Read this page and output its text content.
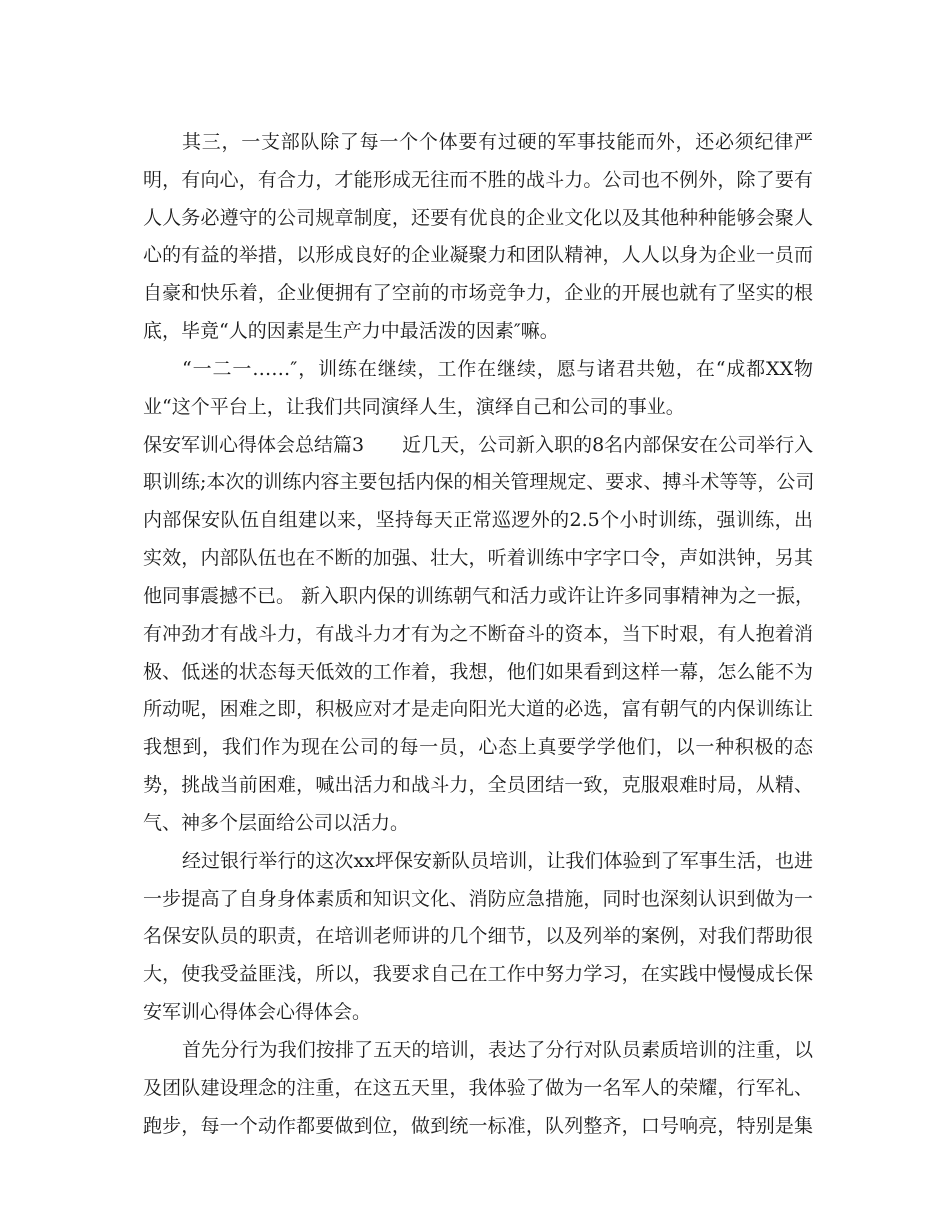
其三，一支部队除了每一个个体要有过硬的军事技能而外，还必须纪律严
明，有向心，有合力，才能形成无往而不胜的战斗力。公司也不例外，除了要有
人人务必遵守的公司规章制度，还要有优良的企业文化以及其他种种能够会聚人
心的有益的举措，以形成良好的企业凝聚力和团队精神，人人以身为企业一员而
自豪和快乐着，企业便拥有了空前的市场竞争力，企业的开展也就有了坚实的根
底，毕竟“人的因素是生产力中最活泼的因素″嘛。
“一二一……″，训练在继续，工作在继续，愿与诸君共勉，在“成都XX物
业“这个平台上，让我们共同演绎人生，演绎自己和公司的事业。
保安军训心得体会总结篇3　　近几天，公司新入职的8名内部保安在公司举行入
职训练;本次的训练内容主要包括内保的相关管理规定、要求、搏斗术等等，公司
内部保安队伍自组建以来，坚持每天正常巡逻外的2.5个小时训练，强训练，出
实效，内部队伍也在不断的加强、壮大，听着训练中字字口令，声如洪钟，另其
他同事震撼不已。 新入职内保的训练朝气和活力或许让许多同事精神为之一振，
有冲劲才有战斗力，有战斗力才有为之不断奋斗的资本，当下时艰，有人抱着消
极、低迷的状态每天低效的工作着，我想，他们如果看到这样一幕，怎么能不为
所动呢，困难之即，积极应对才是走向阳光大道的必选，富有朝气的内保训练让
我想到，我们作为现在公司的每一员，心态上真要学学他们，以一种积极的态
势，挑战当前困难，喊出活力和战斗力，全员团结一致，克服艰难时局，从精、
气、神多个层面给公司以活力。
经过银行举行的这次xx坪保安新队员培训，让我们体验到了军事生活，也进
一步提高了自身身体素质和知识文化、消防应急措施，同时也深刻认识到做为一
名保安队员的职责，在培训老师讲的几个细节，以及列举的案例，对我们帮助很
大，使我受益匪浅，所以，我要求自己在工作中努力学习，在实践中慢慢成长保
安军训心得体会心得体会。
首先分行为我们按排了五天的培训，表达了分行对队员素质培训的注重，以
及团队建设理念的注重，在这五天里，我体验了做为一名军人的荣耀，行军礼、
跑步，每一个动作都要做到位，做到统一标准，队列整齐，口号响亮，特别是集
